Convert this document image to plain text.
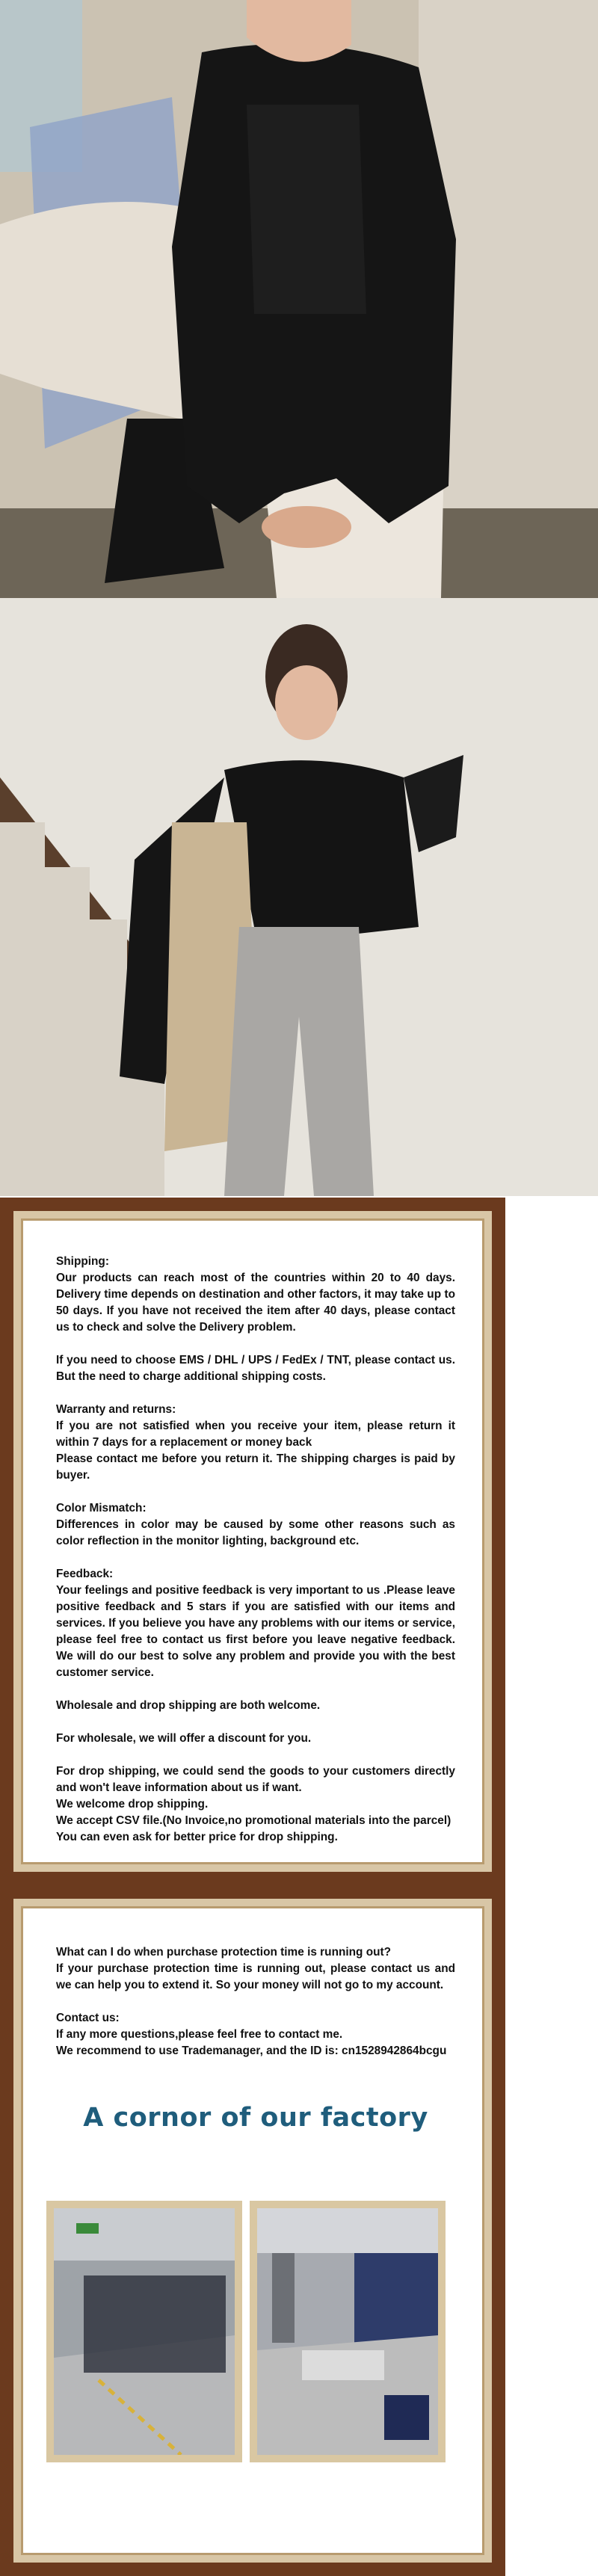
Shipping:

Our products can reach most of the countries within 20 to 40 days. Delivery time depends on destination and other factors, it may take up to 50 days. If you have not received the item after 40 days, please contact us to check and solve the Delivery problem.

If you need to choose EMS / DHL / UPS / FedEx / TNT, please contact us. But the need to charge additional shipping costs.

Warranty and returns:

If you are not satisfied when you receive your item, please return it within 7 days for a replacement or money back

Please contact me before you return it. The shipping charges is paid by buyer.

Color Mismatch:

Differences in color may be caused by some other reasons such as color reflection in the monitor lighting, background etc.

Feedback:

Your feelings and positive feedback is very important to us .Please leave positive feedback and 5 stars if you are satisfied with our items and services. If you believe you have any problems with our items or service, please feel free to contact us first before you leave negative feedback. We will do our best to solve any problem and provide you with the best customer service.

Wholesale and drop shipping are both welcome.

For wholesale, we will offer a discount for you.

For drop shipping, we could send the goods to your customers directly and won't leave information about us if want.

We welcome drop shipping.

We accept CSV file.(No Invoice,no promotional materials into the parcel)

You can even ask for better price for drop shipping.

What can I do when purchase protection time is running out?

If your purchase protection time is running out, please contact us and we can help you to extend it. So your money will not go to my account.

Contact us:

If any more questions,please feel free to contact me.

We recommend to use Trademanager, and the ID is: cn1528942864bcgu

A cornor of our factory
